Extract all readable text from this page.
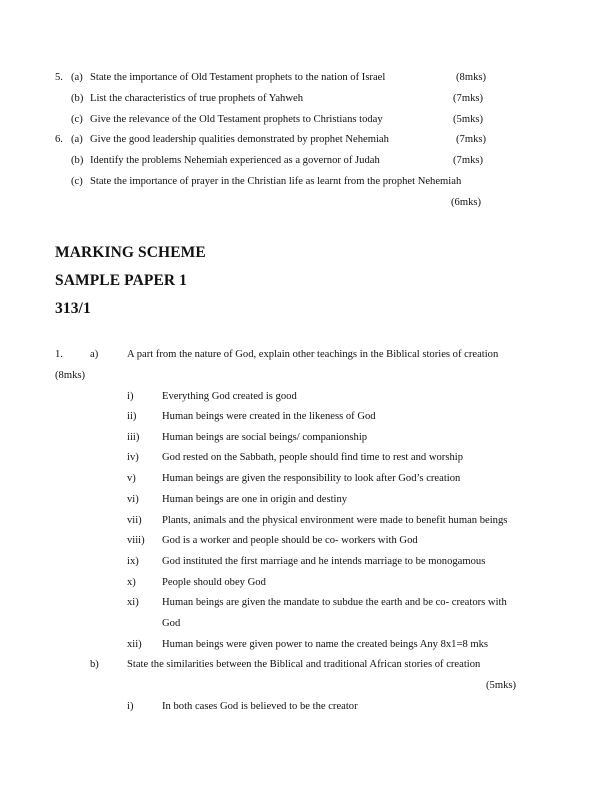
5. (a) State the importance of Old Testament prophets to the nation of Israel	(8mks)
(b) List the characteristics of true prophets of Yahweh	(7mks)
(c) Give the relevance of the Old Testament prophets to Christians today	(5mks)
6. (a) Give the good leadership qualities demonstrated by prophet Nehemiah	(7mks)
(b) Identify the problems Nehemiah experienced as a governor of Judah	(7mks)
(c) State the importance of prayer in the Christian life as learnt from the prophet Nehemiah
(6mks)
MARKING SCHEME
SAMPLE PAPER 1
313/1
1.	a)	A part from the nature of God, explain other teachings in the Biblical stories of creation
(8mks)
i)	Everything God created is good
ii) Human beings were created in the likeness of God
iii) Human beings are social beings/ companionship
iv) God rested on the Sabbath, people should find time to rest and worship
v) Human beings are given the responsibility to look after God’s creation
vi) Human beings are one in origin and destiny
vii) Plants, animals and the physical environment were made to benefit human beings
viii) God is a worker and people should be co- workers with God
ix) God instituted the first marriage and he intends marriage to be monogamous
x) People should obey God
xi) Human beings are given the mandate to subdue the earth and be co- creators with
God
xii) Human beings were given power to name the created beings Any 8x1=8 mks
b)	State the similarities between the Biblical and traditional African stories of creation
(5mks)
i)	In both cases God is believed to be the creator
